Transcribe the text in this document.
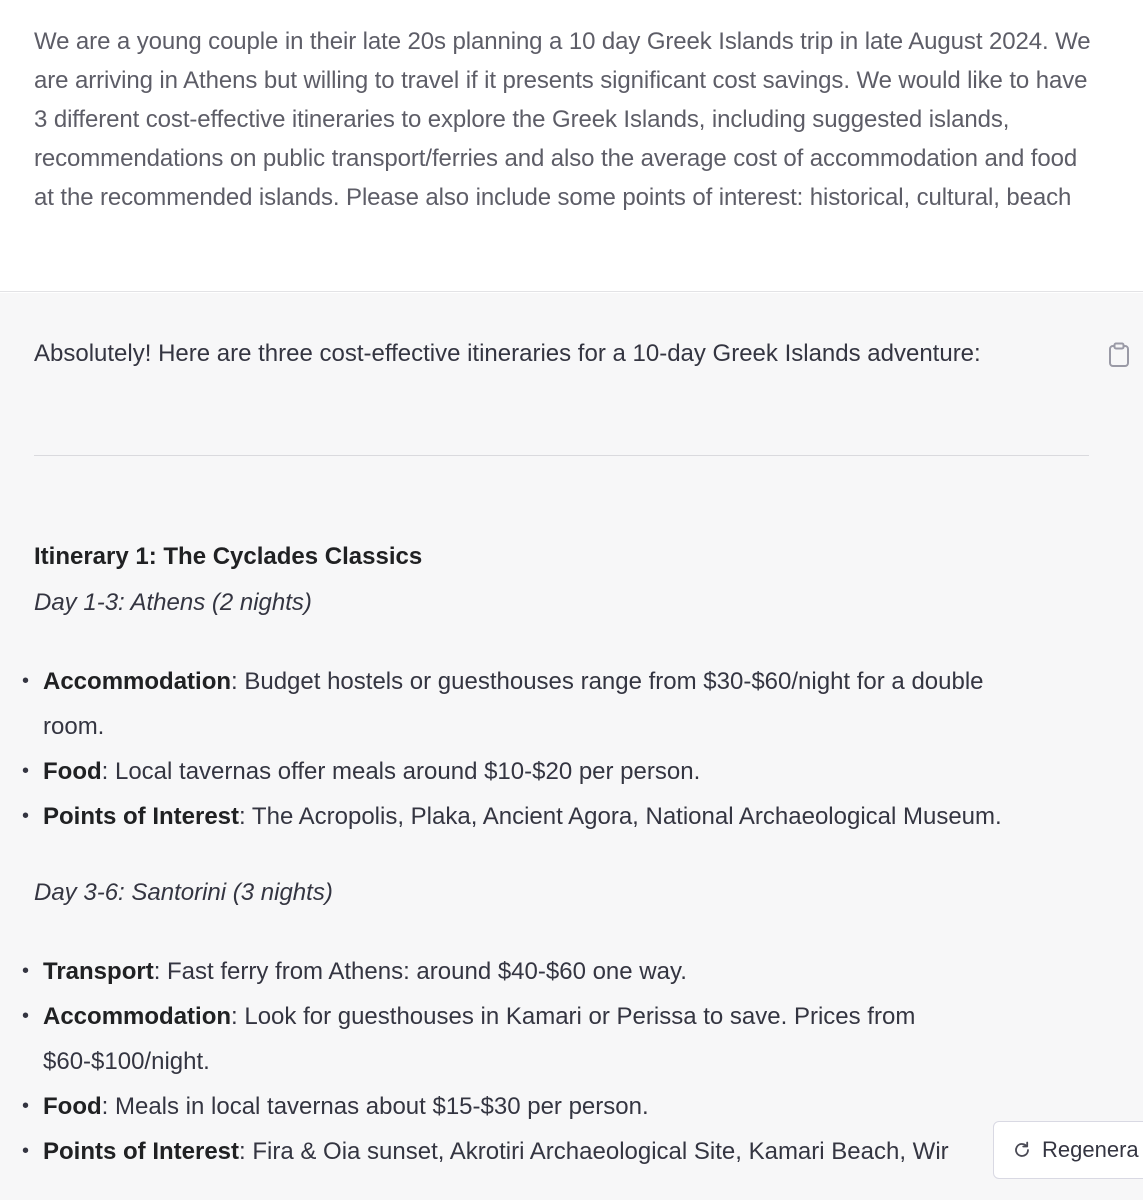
We are a young couple in their late 20s planning a 10 day Greek Islands trip in late August 2024. We are arriving in Athens but willing to travel if it presents significant cost savings. We would like to have 3 different cost-effective itineraries to explore the Greek Islands, including suggested islands, recommendations on public transport/ferries and also the average cost of accommodation and food at the recommended islands. Please also include some points of interest: historical, cultural, beach
Absolutely! Here are three cost-effective itineraries for a 10-day Greek Islands adventure:
Itinerary 1: The Cyclades Classics
Day 1-3: Athens (2 nights)
• Accommodation: Budget hostels or guesthouses range from $30-$60/night for a double
room.
• Food: Local tavernas offer meals around $10-$20 per person.
• Points of Interest: The Acropolis, Plaka, Ancient Agora, National Archaeological Museum.
Day 3-6: Santorini (3 nights)
• Transport: Fast ferry from Athens: around $40-$60 one way.
• Accommodation: Look for guesthouses in Kamari or Perissa to save. Prices from
$60-$100/night.
• Food: Meals in local tavernas about $15-$30 per person.
• Points of Interest: Fira & Oia sunset, Akrotiri Archaeological Site, Kamari Beach, Wir	Regenera
